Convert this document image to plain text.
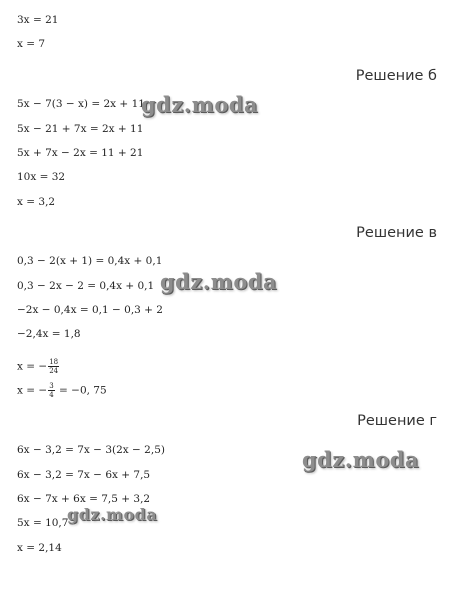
3x = 21
x = 7
Решение б
5x − 7(3 − x) = 2x + 11
5x − 21 + 7x = 2x + 11
5x + 7x − 2x = 11 + 21
10x = 32
x = 3,2
Решение в
0,3 − 2(x + 1) = 0,4x + 0,1
0,3 − 2x − 2 = 0,4x + 0,1
−2x − 0,4x = 0,1 − 0,3 + 2
−2,4x = 1,8
x = − $\frac{18}{24}$
x = − $\frac{3}{4} = -0$, 75
Решение г
6x − 3,2 = 7x − 3(2x − 2,5)
6x − 3,2 = 7x − 6x + 7,5
6x − 7x + 6x = 7,5 + 3,2
5x = 10,7
x = 2,14
gdz.moda
gdz.moda
gdz.moda
gdz.moda
